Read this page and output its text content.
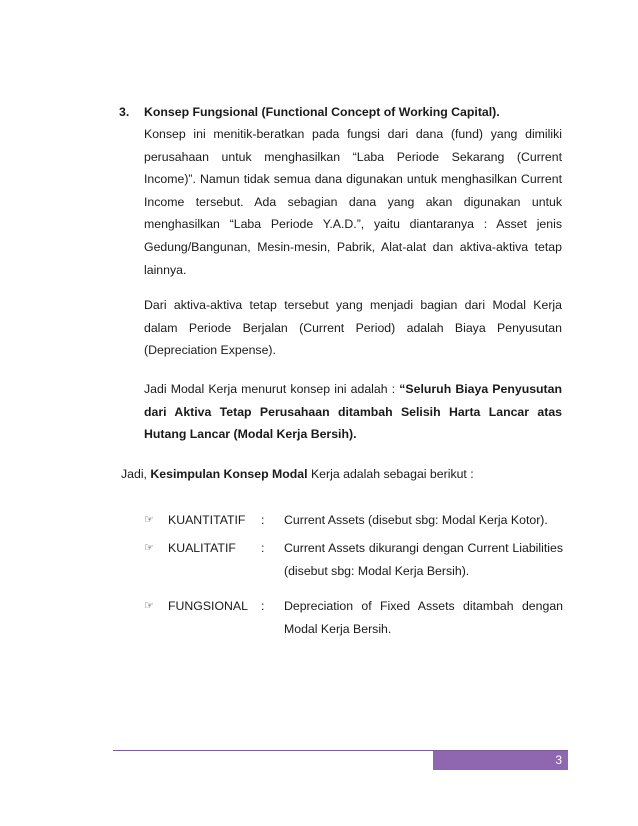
3. Konsep Fungsional (Functional Concept of Working Capital).

Konsep ini menitik-beratkan pada fungsi dari dana (fund) yang dimiliki perusahaan untuk menghasilkan “Laba Periode Sekarang (Current Income)”. Namun tidak semua dana digunakan untuk menghasilkan Current Income tersebut. Ada sebagian dana yang akan digunakan untuk menghasilkan “Laba Periode Y.A.D.”, yaitu diantaranya : Asset jenis Gedung/Bangunan, Mesin-mesin, Pabrik, Alat-alat dan aktiva-aktiva tetap lainnya.

Dari aktiva-aktiva tetap tersebut yang menjadi bagian dari Modal Kerja dalam Periode Berjalan (Current Period) adalah Biaya Penyusutan (Depreciation Expense).

Jadi Modal Kerja menurut konsep ini adalah : “Seluruh Biaya Penyusutan dari Aktiva Tetap Perusahaan ditambah Selisih Harta Lancar atas Hutang Lancar (Modal Kerja Bersih).

Jadi, Kesimpulan Konsep Modal Kerja adalah sebagai berikut :
☞	KUANTITATIF : Current Assets (disebut sbg: Modal Kerja Kotor).
☞	KUALITATIF : Current Assets dikurangi dengan Current Liabilities (disebut sbg: Modal Kerja Bersih).
☞	FUNGSIONAL : Depreciation of Fixed Assets ditambah dengan Modal Kerja Bersih.
3
